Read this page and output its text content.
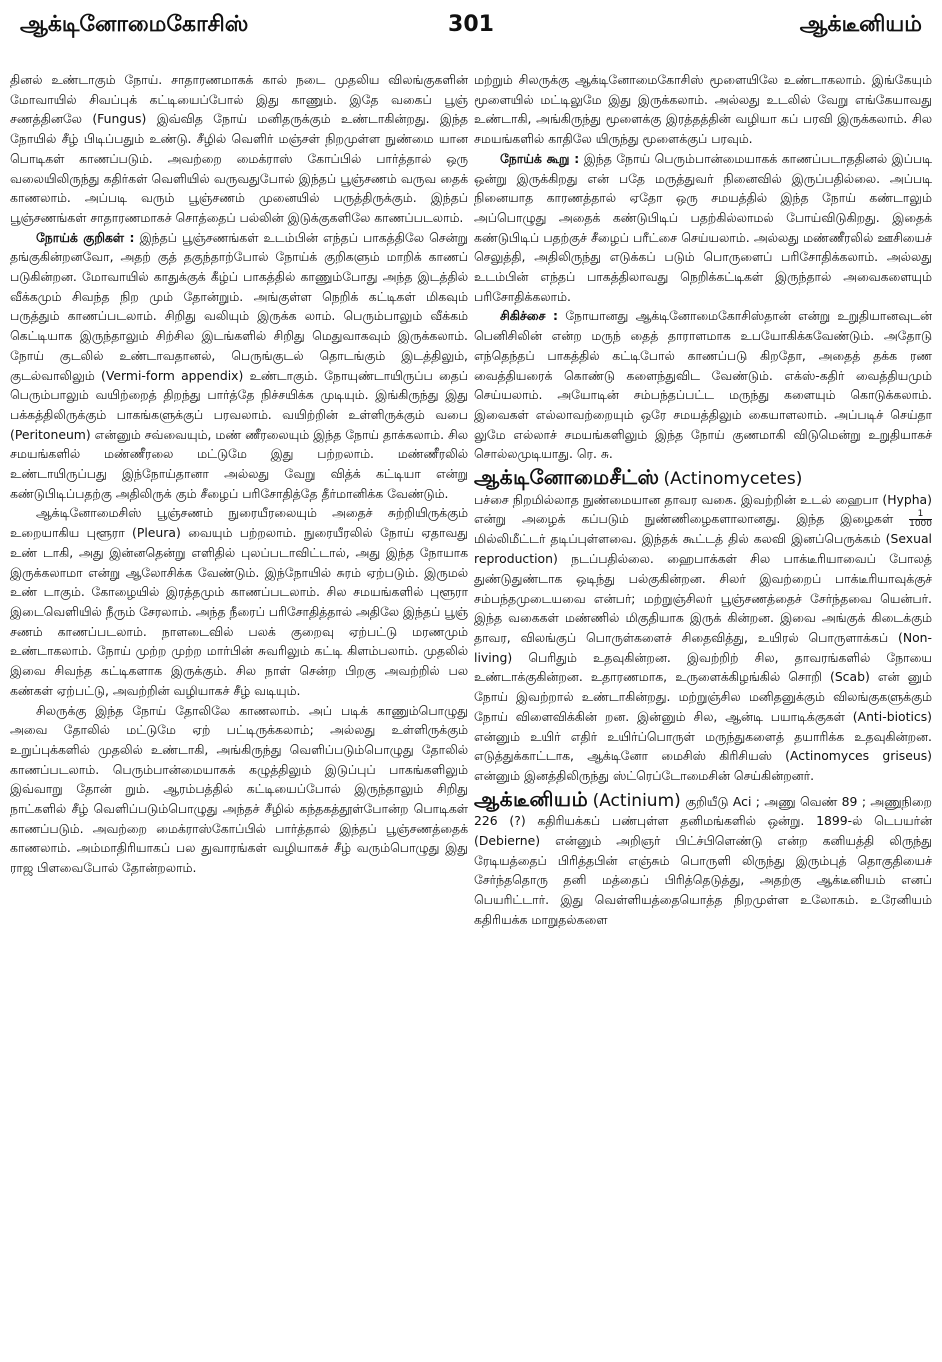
ஆக்டினோமைகோசிஸ்	301	ஆக்டீனியம்

தினல் உண்டாகும் நோய். சாதாரணமாகக் கால் நடை முதலிய விலங்குகளின் மோவாயில் சிவப்புக் கட்டியைப்போல் இது காணும். இதே வகைப் பூஞ் சணத்தினலே (Fungus) இவ்வித நோய் மனிதருக்கும் உண்டாகின்றது. இந்த நோயில் சீழ் பிடிப்பதும் உண்டு. சீழில் வெளிர் மஞ்சள் நிறமுள்ள நுண்மை யான பொடிகள் காணப்படும். அவற்றை மைக்ராஸ் கோப்பில் பார்த்தால் ஒரு வலையிலிருந்து கதிர்கள் வெளியில் வருவதுபோல் இந்தப் பூஞ்சணம் வருவ தைக் காணலாம். அப்படி வரும் பூஞ்சணம் முனையில் பருத்திருக்கும். இந்தப் பூஞ்சணங்கள் சாதாரணமாகச் சொத்தைப் பல்லின் இடுக்குகளிலே காணப்படலாம்.

நோய்க் குறிகள் : இந்தப் பூஞ்சணங்கள் உடம்பின் எந்தப் பாகத்திலே சென்று தங்குகின்றனவோ, அதற் குத் தகுந்தாற்போல் நோய்க் குறிகளும் மாறிக் காணப் படுகின்றன. மோவாயில் காதுக்குக் கீழ்ப் பாகத்தில் காணும்போது அந்த இடத்தில் வீக்கமும் சிவந்த நிற மும் தோன்றும். அங்குள்ள நெறிக் கட்டிகள் மிகவும் பருத்தும் காணப்படலாம். சிறிது வலியும் இருக்க லாம். பெரும்பாலும் வீக்கம் கெட்டியாக இருந்தாலும் சிற்சில இடங்களில் சிறிது மெதுவாகவும் இருக்கலாம். நோய் குடலில் உண்டாவதானல், பெருங்குடல் தொடங்கும் இடத்திலும், குடல்வாலிலும் (Vermi-form appendix) உண்டாகும். நோயுண்டாயிருப்ப தைப் பெரும்பாலும் வயிற்றைத் திறந்து பார்த்தே நிச்சயிக்க முடியும். இங்கிருந்து இது பக்கத்திலிருக்கும் பாகங்களுக்குப் பரவலாம். வயிற்றின் உள்ளிருக்கும் வபை (Peritoneum) என்னும் சவ்வையும், மண் ணீரலையும் இந்த நோய் தாக்கலாம். சில சமயங்களில் மண்ணீரலை மட்டுமே இது பற்றலாம். மண்ணீரலில் உண்டாயிருப்பது இந்நோய்தானா அல்லது வேறு வித்க் கட்டியா என்று கண்டுபிடிப்பதற்கு அதிலிருக் கும் சீழைப் பரிசோதித்தே தீர்மானிக்க வேண்டும்.

ஆக்டினோமைசிஸ் பூஞ்சணம் நுரையீரலையும் அதைச் சுற்றியிருக்கும் உறையாகிய புளூரா (Pleura) வையும் பற்றலாம். நுரையீரலில் நோய் ஏதாவது உண் டாகி, அது இன்னதென்று எளிதில் புலப்படாவிட்டால், அது இந்த நோயாக இருக்கலாமா என்று ஆலோசிக்க வேண்டும். இந்நோயில் சுரம் ஏற்படும். இருமல் உண் டாகும். கோழையில் இரத்தமும் காணப்படலாம். சில சமயங்களில் புளூரா இடைவெளியில் நீரும் சேரலாம். அந்த நீரைப் பரிசோதித்தால் அதிலே இந்தப் பூஞ் சணம் காணப்படலாம். நாளடைவில் பலக் குறைவு ஏற்பட்டு மரணமும் உண்டாகலாம். நோய் முற்ற முற்ற மார்பின் சுவரிலும் கட்டி கிளம்பலாம். முதலில் இவை சிவந்த கட்டிகளாக இருக்கும். சில நாள் சென்ற பிறகு அவற்றில் பல கண்கள் ஏற்பட்டு, அவற்றின் வழியாகச் சீழ் வடியும்.

சிலருக்கு இந்த நோய் தோலிலே காணலாம். அப் படிக் காணும்பொழுது அவை தோலில் மட்டுமே ஏற் பட்டிருக்கலாம்; அல்லது உள்ளிருக்கும் உறுப்புக்களில் முதலில் உண்டாகி, அங்கிருந்து வெளிப்படும்பொழுது தோலில் காணப்படலாம். பெரும்பான்மையாகக் கழுத்திலும் இடுப்புப் பாகங்களிலும் இவ்வாறு தோன் றும். ஆரம்பத்தில் கட்டியைப்போல் இருந்தாலும் சிறிது நாட்களில் சீழ் வெளிப்படும்பொழுது அந்தச் சீழில் கந்தகத்தூள்போன்ற பொடிகள் காணப்படும். அவற்றை மைக்ராஸ்கோப்பில் பார்த்தால் இந்தப் பூஞ்சணத்தைக் காணலாம். அம்மாதிரியாகப் பல துவாரங்கள் வழியாகச் சீழ் வரும்பொழுது இது ராஜ பிளவைபோல் தோன்றலாம்.

மற்றும் சிலருக்கு ஆக்டினோமைகோசிஸ் மூளையிலே உண்டாகலாம். இங்கேயும் மூளையில் மட்டிலுமே இது இருக்கலாம். அல்லது உடலில் வேறு எங்கேயாவது உண்டாகி, அங்கிருந்து மூளைக்கு இரத்தத்தின் வழியா கப் பரவி இருக்கலாம். சில சமயங்களில் காதிலே யிருந்து மூளைக்குப் பரவும்.

நோய்க் கூறு : இந்த நோய் பெரும்பான்மையாகக் காணப்படாததினல் இப்படி ஒன்று இருக்கிறது என் பதே மருத்துவர் நினைவில் இருப்பதில்லை. அப்படி நினையாத காரணத்தால் ஏதோ ஒரு சமயத்தில் இந்த நோய் கண்டாலும் அப்பொழுது அதைக் கண்டுபிடிப் பதற்கில்லாமல் போய்விடுகிறது. இதைக் கண்டுபிடிப் பதற்குச் சீழைப் பரீட்சை செய்யலாம். அல்லது மண்ணீரலில் ஊசியைச் செலுத்தி, அதிலிருந்து எடுக்கப் படும் பொருளைப் பரிசோதிக்கலாம். அல்லது உடம்பின் எந்தப் பாகத்திலாவது நெறிக்கட்டிகள் இருந்தால் அவைகளையும் பரிசோதிக்கலாம்.

சிகிச்சை : நோயானது ஆக்டினோமைகோசிஸ்தான் என்று உறுதியானவுடன் பெனிசிலின் என்ற மருந் தைத் தாராளமாக உபயோகிக்கவேண்டும். அதோடு எந்தெந்தப் பாகத்தில் கட்டிபோல் காணப்படு கிறதோ, அதைத் தக்க ரண வைத்தியரைக் கொண்டு களைந்துவிட வேண்டும். எக்ஸ்-கதிர் வைத்தியமும் செய்யலாம். அயோடின் சம்பந்தப்பட்ட மருந்து களையும் கொடுக்கலாம். இவைகள் எல்லாவற்றையும் ஒரே சமயத்திலும் கையாளலாம். அப்படிச் செய்தா லுமே எல்லாச் சமயங்களிலும் இந்த நோய் குணமாகி விடுமென்று உறுதியாகச் சொல்லமுடியாது. ரெ. சு.

ஆக்டினோமைசீட்ஸ் (Actinomycetes)

பச்சை நிறமில்லாத நுண்மையான தாவர வகை. இவற்றின் உடல் ஹைபா (Hypha) என்று அழைக் கப்படும் நுண்ணிழைகளாலானது. இந்த இழைகள் $\frac{1}{1000}$
மில்லிமீட்டர் தடிப்புள்ளவை. இந்தக் கூட்டத் தில் கலவி இனப்பெருக்கம் (Sexual reproduction) நடப்பதில்லை. ஹைபாக்கள் சில பாக்டீரியாவைப் போலத் துண்டுதுண்டாக ஒடிந்து பல்குகின்றன. சிலர் இவற்றைப் பாக்டீரியாவுக்குச் சம்பந்தமுடையவை என்பர்; மற்றுஞ்சிலர் பூஞ்சணத்தைச் சேர்ந்தவை யென்பர். இந்த வகைகள் மண்ணில் மிகுதியாக இருக் கின்றன. இவை அங்குக் கிடைக்கும் தாவர, விலங்குப் பொருள்களைச் சிதைவித்து, உயிரல் பொருளாக்கப் (Non-living) பெரிதும் உதவுகின்றன. இவற்றிற் சில, தாவரங்களில் நோயை உண்டாக்குகின்றன. உதாரணமாக, உருளைக்கிழங்கில் சொறி (Scab) என் னும் நோய் இவற்றால் உண்டாகின்றது. மற்றுஞ்சில மனிதனுக்கும் விலங்குகளுக்கும் நோய் விளைவிக்கின் றன. இன்னும் சில, ஆன்டி பயாடிக்குகள் (Anti-biotics) என்னும் உயிர் எதிர் உயிர்ப்பொருள் மருந்துகளைத் தயாரிக்க உதவுகின்றன. எடுத்துக்காட்டாக, ஆக்டினோ மைசிஸ் கிரிசியஸ் (Actinomyces griseus) என்னும் இனத்திலிருந்து ஸ்ட்ரெப்டோமைசின் செய்கின்றனர்.

ஆக்டீனியம் (Actinium) குறியீடு Aci ; அணு வெண் 89 ; அணுநிறை 226 (?) கதிரியக்கப் பண்புள்ள தனிமங்களில் ஒன்று. 1899-ல் டெபயர்ன் (Debierne) என்னும் அறிஞர் பிட்ச்பிளெண்டு என்ற கனியத்தி லிருந்து ரேடியத்தைப் பிரித்தபின் எஞ்சும் பொருளி லிருந்து இரும்புத் தொகுதியைச் சேர்ந்ததொரு தனி மத்தைப் பிரித்தெடுத்து, அதற்கு ஆக்டீனியம் எனப் பெயரிட்டார். இது வெள்ளியத்தையொத்த நிறமுள்ள உலோகம். உரேனியம் கதிரியக்க மாறுதல்களை
